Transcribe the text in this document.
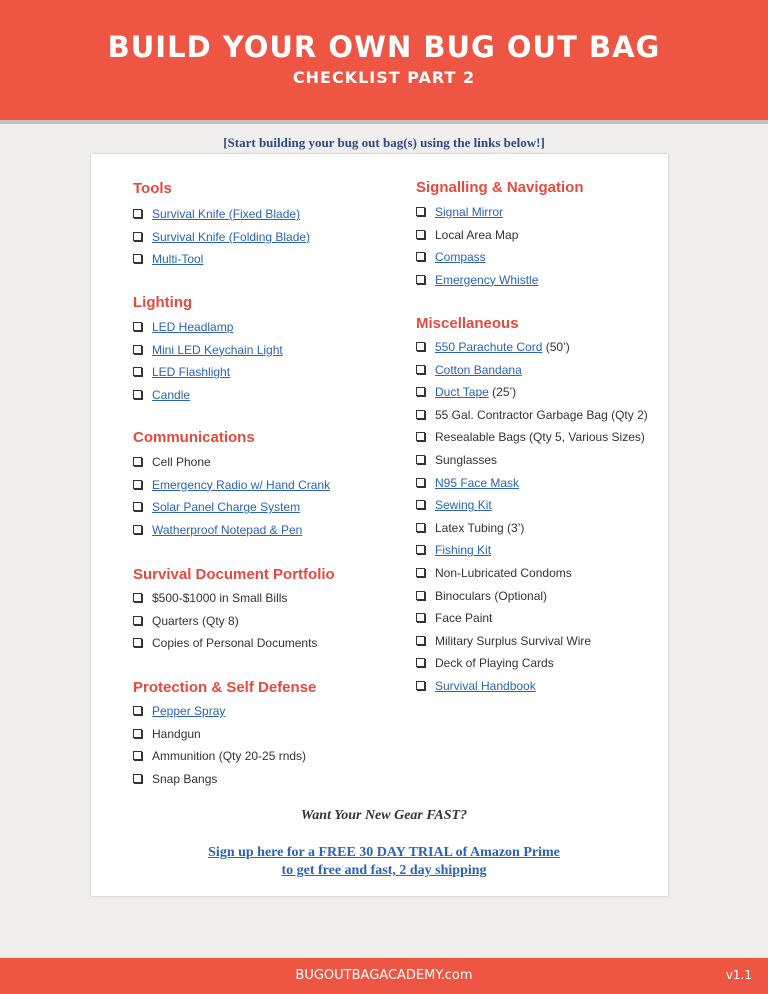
BUILD YOUR OWN BUG OUT BAG
CHECKLIST PART 2
[Start building your bug out bag(s) using the links below!]
Tools
Survival Knife (Fixed Blade)
Survival Knife (Folding Blade)
Multi-Tool
Lighting
LED Headlamp
Mini LED Keychain Light
LED Flashlight
Candle
Communications
Cell Phone
Emergency Radio w/ Hand Crank
Solar Panel Charge System
Watherproof Notepad & Pen
Survival Document Portfolio
$500-$1000 in Small Bills
Quarters (Qty 8)
Copies of Personal Documents
Protection & Self Defense
Pepper Spray
Handgun
Ammunition (Qty 20-25 rnds)
Snap Bangs
Signalling & Navigation
Signal Mirror
Local Area Map
Compass
Emergency Whistle
Miscellaneous
550 Parachute Cord (50’)
Cotton Bandana
Duct Tape (25’)
55 Gal. Contractor Garbage Bag (Qty 2)
Resealable Bags (Qty 5, Various Sizes)
Sunglasses
N95 Face Mask
Sewing Kit
Latex Tubing (3’)
Fishing Kit
Non-Lubricated Condoms
Binoculars (Optional)
Face Paint
Military Surplus Survival Wire
Deck of Playing Cards
Survival Handbook
Want Your New Gear FAST?
Sign up here for a FREE 30 DAY TRIAL of Amazon Prime
to get free and fast, 2 day shipping
BUGOUTBAGACADEMY.com	v1.1
